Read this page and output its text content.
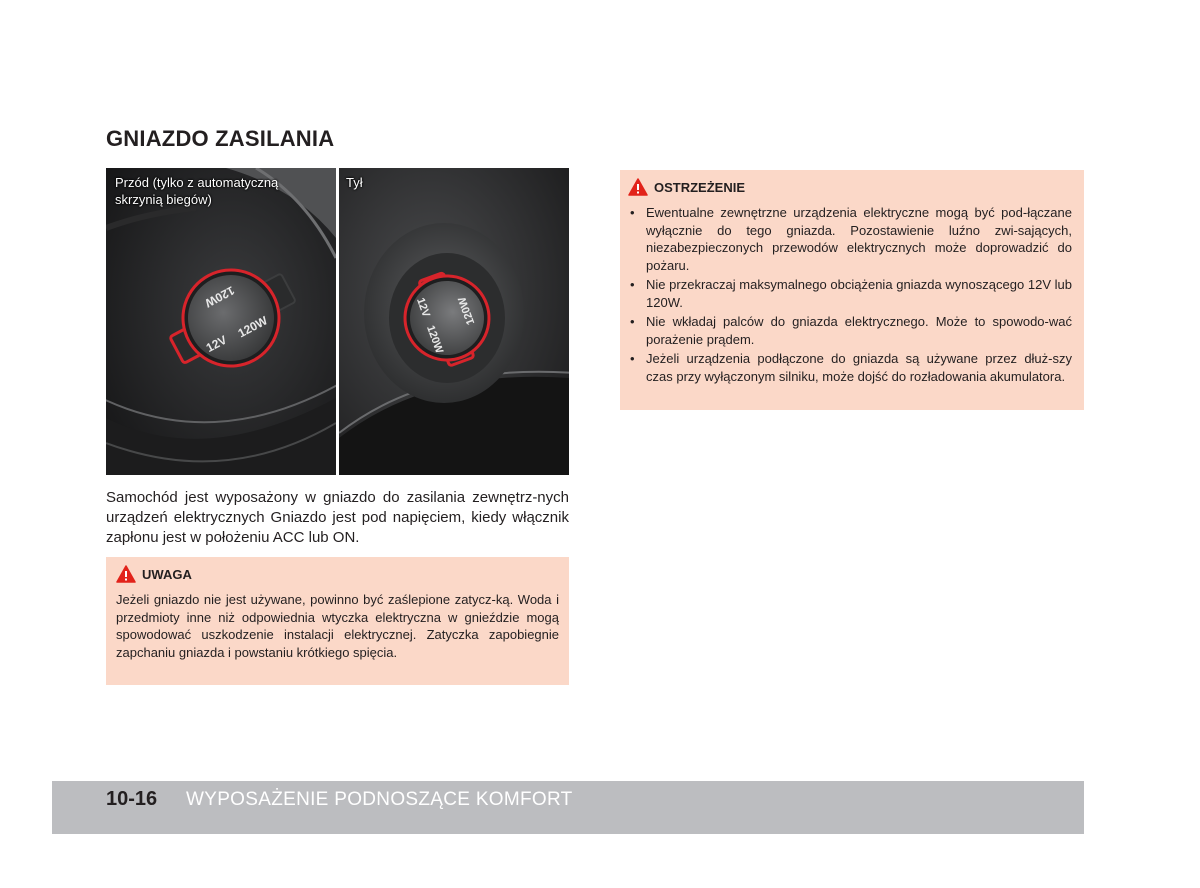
GNIAZDO ZASILANIA
120W
12V
120W
Przód (tylko z automatyczną skrzynią biegów)
120W
12V
120W
Tył

Samochód jest wyposażony w gniazdo do zasilania zewnętrz-nych urządzeń elektrycznych Gniazdo jest pod napięciem, kiedy włącznik zapłonu jest w położeniu ACC lub ON.

UWAGA

Jeżeli gniazdo nie jest używane, powinno być zaślepione zatycz-ką. Woda i przedmioty inne niż odpowiednia wtyczka elektryczna w gnieździe mogą spowodować uszkodzenie instalacji elektrycznej. Zatyczka zapobiegnie zapchaniu gniazda i powstaniu krótkiego spięcia.

OSTRZEŻENIE
• Ewentualne zewnętrzne urządzenia elektryczne mogą być pod-łączane wyłącznie do tego gniazda. Pozostawienie luźno zwi-sających, niezabezpieczonych przewodów elektrycznych może doprowadzić do pożaru.
• Nie przekraczaj maksymalnego obciążenia gniazda wynoszącego 12V lub 120W.
• Nie wkładaj palców do gniazda elektrycznego. Może to spowodo-wać porażenie prądem.
• Jeżeli urządzenia podłączone do gniazda są używane przez dłuż-szy czas przy wyłączonym silniku, może dojść do rozładowania akumulatora.
10-16 WYPOSAŻENIE PODNOSZĄCE KOMFORT
